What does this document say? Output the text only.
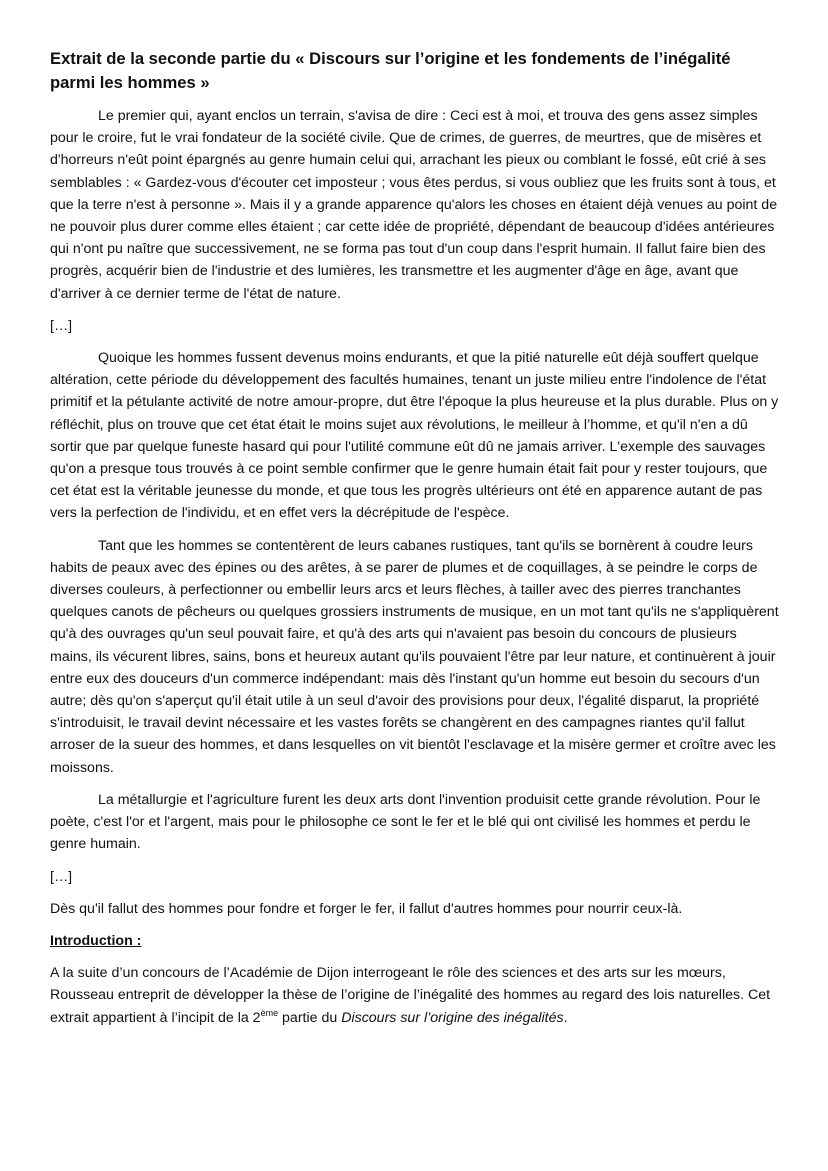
Extrait de la seconde partie du « Discours sur l’origine et les fondements de l’inégalité parmi les hommes »
Le premier qui, ayant enclos un terrain, s'avisa de dire : Ceci est à moi, et trouva des gens assez simples pour le croire, fut le vrai fondateur de la société civile. Que de crimes, de guerres, de meurtres, que de misères et d'horreurs n'eût point épargnés au genre humain celui qui, arrachant les pieux ou comblant le fossé, eût crié à ses semblables : « Gardez-vous d'écouter cet imposteur ; vous êtes perdus, si vous oubliez que les fruits sont à tous, et que la terre n'est à personne ». Mais il y a grande apparence qu'alors les choses en étaient déjà venues au point de ne pouvoir plus durer comme elles étaient ; car cette idée de propriété, dépendant de beaucoup d'idées antérieures qui n'ont pu naître que successivement, ne se forma pas tout d'un coup dans l'esprit humain. Il fallut faire bien des progrès, acquérir bien de l'industrie et des lumières, les transmettre et les augmenter d'âge en âge, avant que d'arriver à ce dernier terme de l'état de nature.
[…]
Quoique les hommes fussent devenus moins endurants, et que la pitié naturelle eût déjà souffert quelque altération, cette période du développement des facultés humaines, tenant un juste milieu entre l'indolence de l'état primitif et la pétulante activité de notre amour-propre, dut être l'époque la plus heureuse et la plus durable. Plus on y réfléchit, plus on trouve que cet état était le moins sujet aux révolutions, le meilleur à l’homme, et qu'il n'en a dû sortir que par quelque funeste hasard qui pour l'utilité commune eût dû ne jamais arriver. L'exemple des sauvages qu'on a presque tous trouvés à ce point semble confirmer que le genre humain était fait pour y rester toujours, que cet état est la véritable jeunesse du monde, et que tous les progrès ultérieurs ont été en apparence autant de pas vers la perfection de l'individu, et en effet vers la décrépitude de l'espèce.
Tant que les hommes se contentèrent de leurs cabanes rustiques, tant qu'ils se bornèrent à coudre leurs habits de peaux avec des épines ou des arêtes, à se parer de plumes et de coquillages, à se peindre le corps de diverses couleurs, à perfectionner ou embellir leurs arcs et leurs flèches, à tailler avec des pierres tranchantes quelques canots de pêcheurs ou quelques grossiers instruments de musique, en un mot tant qu'ils ne s'appliquèrent qu'à des ouvrages qu'un seul pouvait faire, et qu'à des arts qui n'avaient pas besoin du concours de plusieurs mains, ils vécurent libres, sains, bons et heureux autant qu'ils pouvaient l'être par leur nature, et continuèrent à jouir entre eux des douceurs d'un commerce indépendant: mais dès l'instant qu'un homme eut besoin du secours d'un autre; dès qu'on s'aperçut qu'il était utile à un seul d'avoir des provisions pour deux, l'égalité disparut, la propriété s'introduisit, le travail devint nécessaire et les vastes forêts se changèrent en des campagnes riantes qu'il fallut arroser de la sueur des hommes, et dans lesquelles on vit bientôt l'esclavage et la misère germer et croître avec les moissons.
La métallurgie et l'agriculture furent les deux arts dont l'invention produisit cette grande révolution. Pour le poète, c'est l'or et l'argent, mais pour le philosophe ce sont le fer et le blé qui ont civilisé les hommes et perdu le genre humain.
[…]
Dès qu'il fallut des hommes pour fondre et forger le fer, il fallut d'autres hommes pour nourrir ceux-là.
Introduction :
A la suite d’un concours de l’Académie de Dijon interrogeant le rôle des sciences et des arts sur les mœurs, Rousseau entreprit de développer la thèse de l’origine de l’inégalité des hommes au regard des lois naturelles. Cet extrait appartient à l’incipit de la 2ème partie du Discours sur l’origine des inégalités.
